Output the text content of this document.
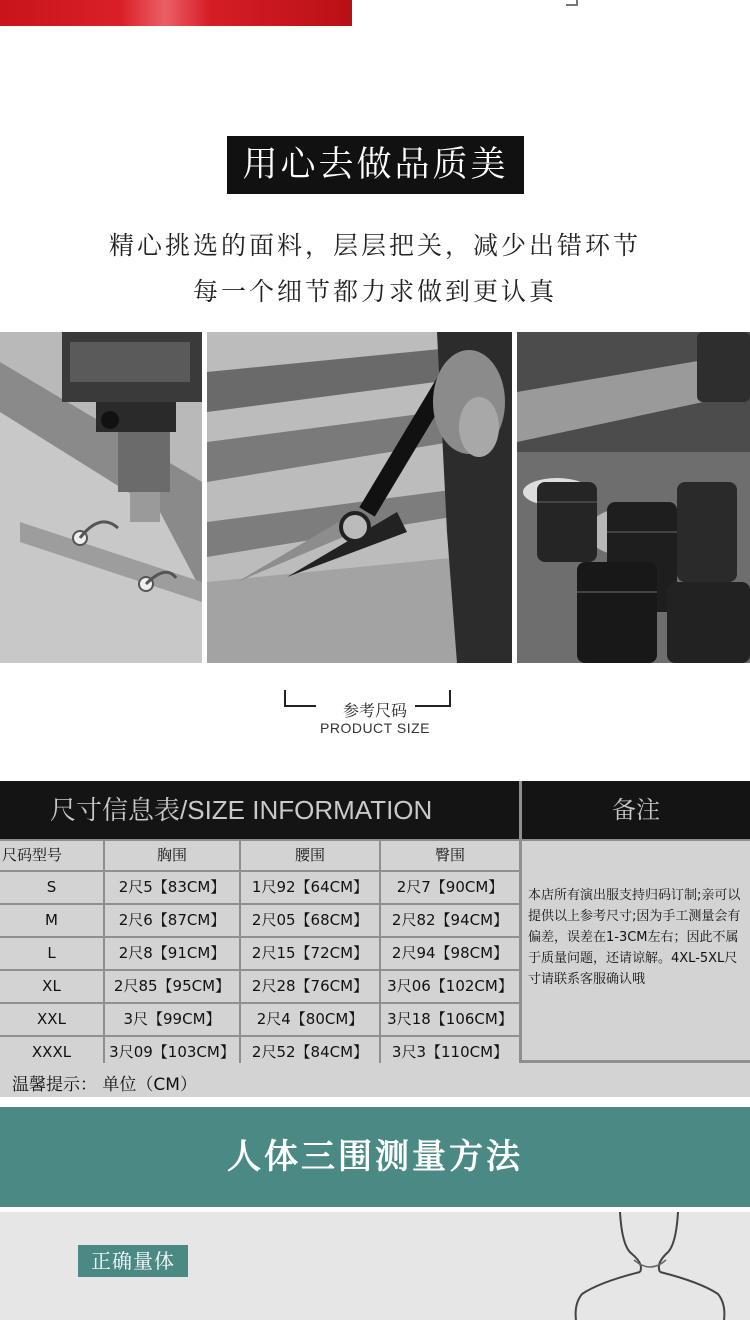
用心去做品质美
精心挑选的面料，层层把关，减少出错环节
每一个细节都力求做到更认真
参考尺码
PRODUCT SIZE
尺寸信息表/SIZE INFORMATION	备注
尺码型号	胸围	腰围	臀围
S	2尺5【83CM】	1尺92【64CM】	2尺7【90CM】
M	2尺6【87CM】	2尺05【68CM】	2尺82【94CM】
L	2尺8【91CM】	2尺15【72CM】	2尺94【98CM】
XL	2尺85【95CM】	2尺28【76CM】	3尺06【102CM】
XXL	3尺【99CM】	2尺4【80CM】	3尺18【106CM】
XXXL	3尺09【103CM】	2尺52【84CM】	3尺3【110CM】
本店所有演出服支持归码订制;亲可以提供以上参考尺寸;因为手工测量会有偏差，误差在1-3CM左右；因此不属于质量问题，还请谅解。4XL-5XL尺寸请联系客服确认哦
温馨提示： 单位（CM）
人体三围测量方法
正确量体
